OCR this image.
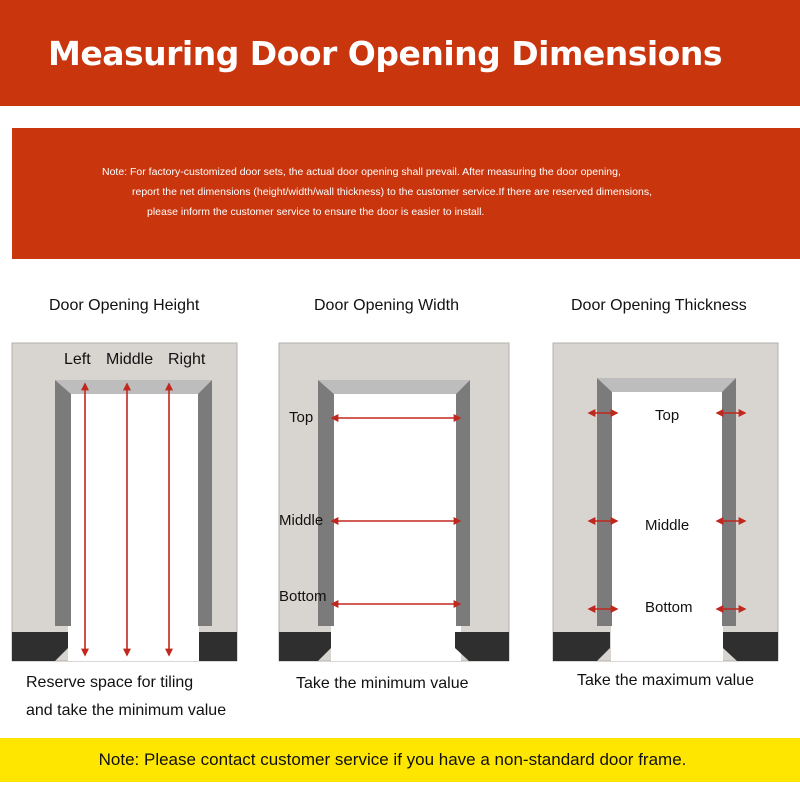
Measuring Door Opening Dimensions
Note: For factory-customized door sets, the actual door opening shall prevail. After measuring the door opening,
report the net dimensions (height/width/wall thickness) to the customer service.If there are reserved dimensions,
please inform the customer service to ensure the door is easier to install.
Door Opening Height	Door Opening Width	Door Opening Thickness
Left Middle Right
Top
Middle
Bottom
Top
Middle
Bottom
Reserve space for tiling
and take the minimum value
Take the minimum value	Take the maximum value
Note: Please contact customer service if you have a non-standard door frame.
